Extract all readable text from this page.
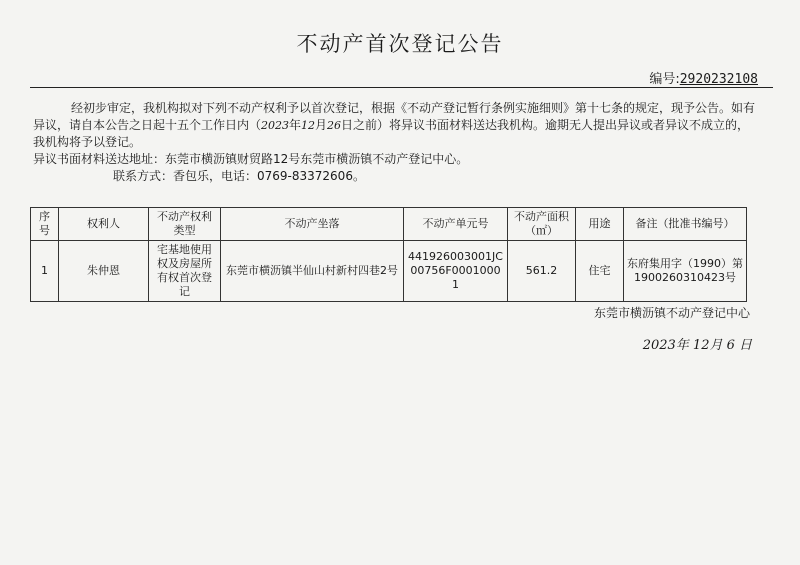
不动产首次登记公告
编号:2920232108

经初步审定，我机构拟对下列不动产权利予以首次登记，根据《不动产登记暂行条例实施细则》第十七条的规定，现予公告。如有异议，请自本公告之日起十五个工作日内（2023年12月26日之前）将异议书面材料送达我机构。逾期无人提出异议或者异议不成立的，我机构将予以登记。

异议书面材料送达地址：东莞市横沥镇财贸路12号东莞市横沥镇不动产登记中心。

联系方式：香包乐，电话：0769-83372606。

序号	权利人	不动产权利类型	不动产坐落	不动产单元号	不动产面积（㎡）	用途	备注（批准书编号）
1	朱仲恩	宅基地使用权及房屋所有权首次登记	东莞市横沥镇半仙山村新村四巷2号	441926003001JC00756F00010001	561.2	住宅	东府集用字（1990）第1900260310423号
东莞市横沥镇不动产登记中心
2023年 12月 6 日
